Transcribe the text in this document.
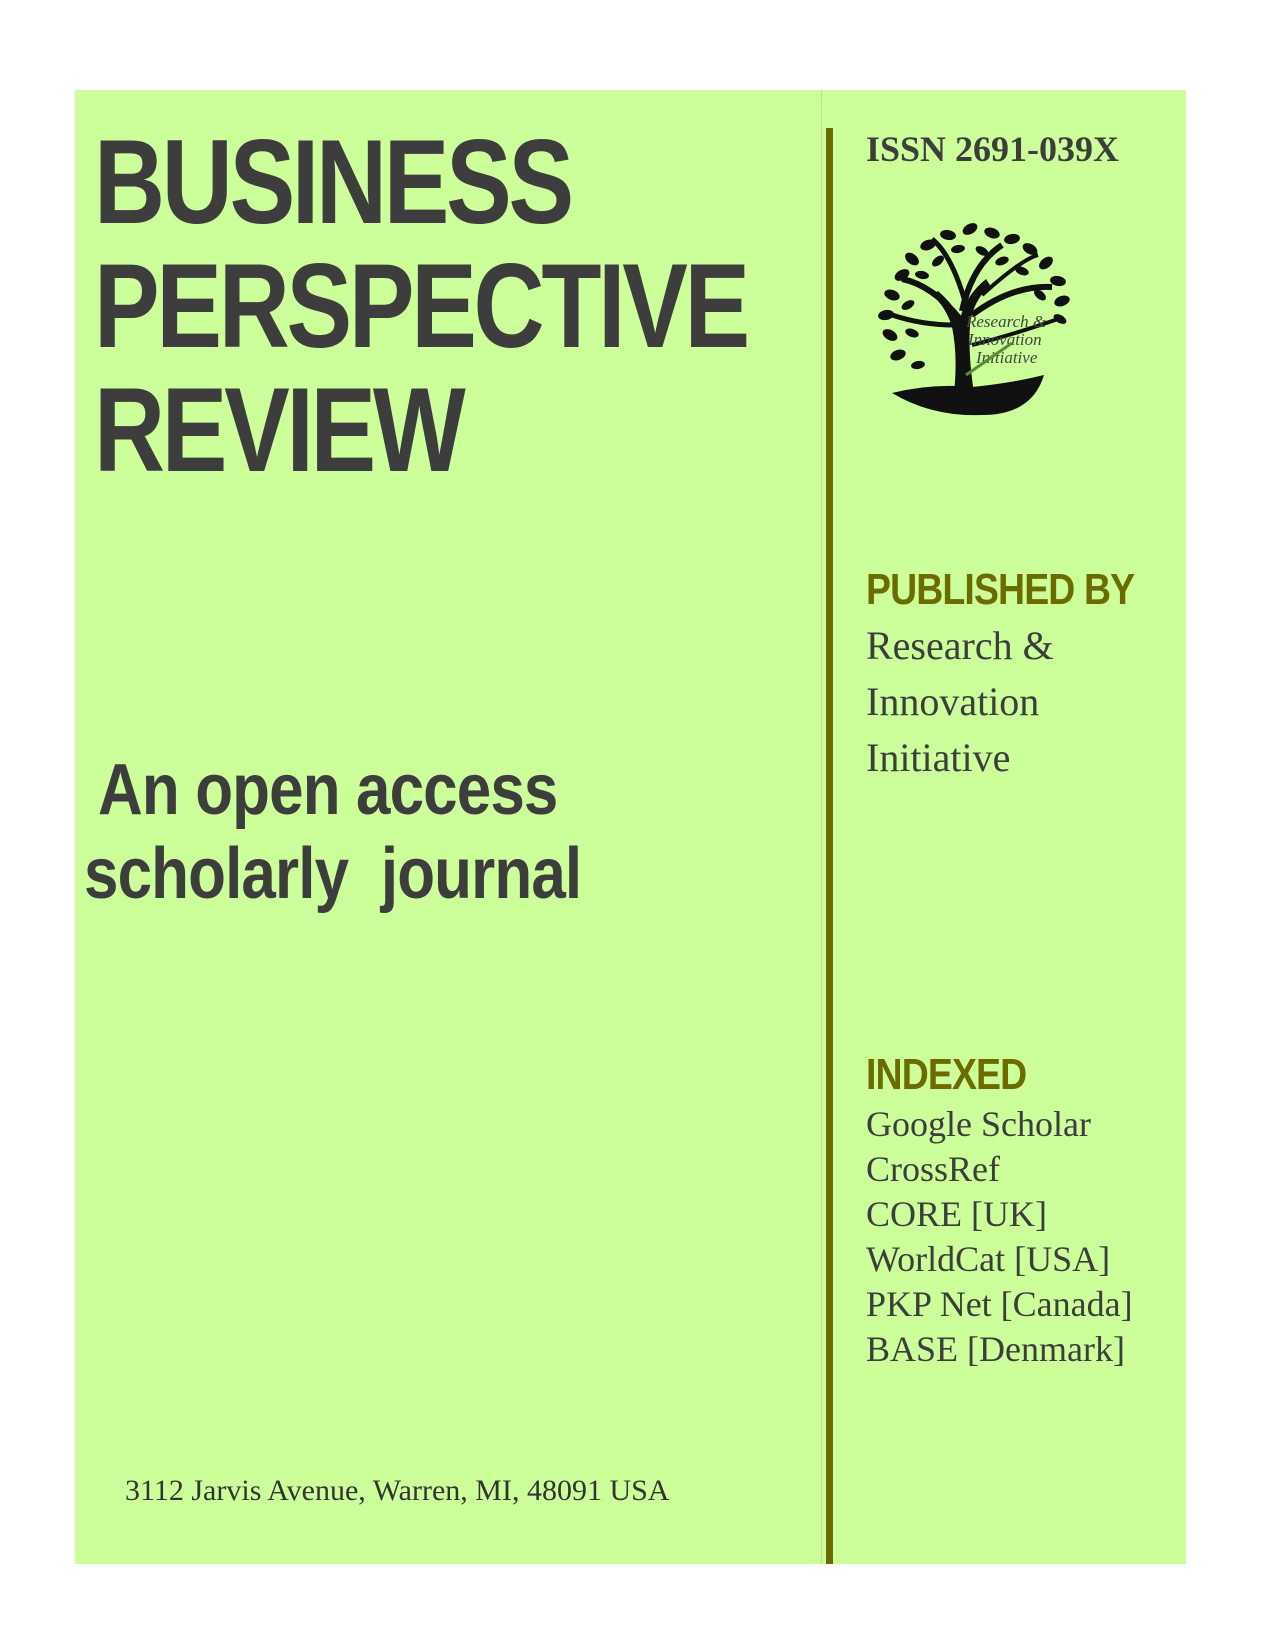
BUSINESS
PERSPECTIVE
REVIEW
An open access
scholarly  journal
3112 Jarvis Avenue, Warren, MI, 48091 USA
ISSN 2691-039X
Research &
Innovation
Initiative
PUBLISHED BY
Research &
Innovation
Initiative
INDEXED
Google Scholar
CrossRef
CORE [UK]
WorldCat [USA]
PKP Net [Canada]
BASE [Denmark]
